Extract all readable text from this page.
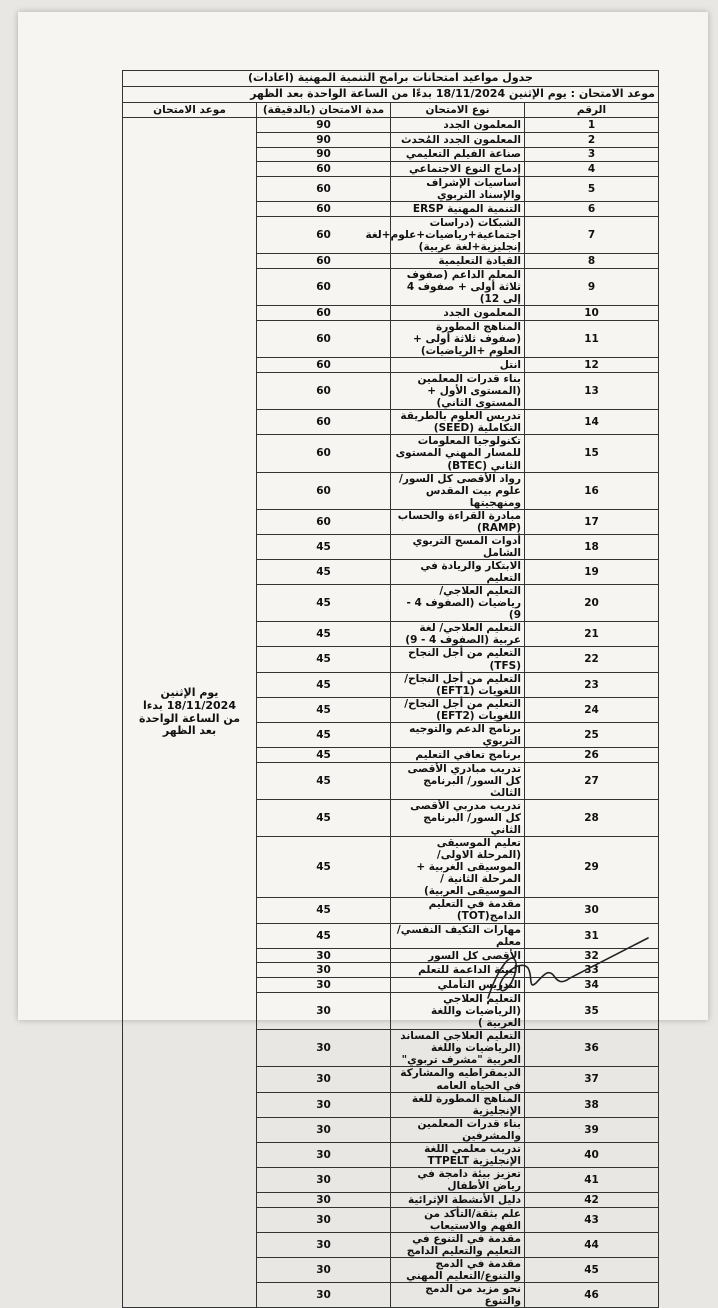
جدول مواعيد امتحانات برامج التنمية المهنية (اعادات)			
موعد الامتحان : يوم الإثنين 18/11/2024 بدءًا من الساعة الواحدة بعد الظهر			
الرقم	نوع الامتحان	مدة الامتحان (بالدقيقة)	موعد الامتحان
1	المعلمون الجدد	90	يوم الإثنين
18/11/2024 بدءا
من الساعة الواحدة
بعد الظهر
2	المعلمون الجدد المُحدث	90	
3	صناعة الفيلم التعليمي	90	
4	إدماج النوع الاجتماعي	60	
5	أساسيات الإشراف والإسناد التربوي	60	
6	التنمية المهنية ERSP	60	
7	الشبكات (دراسات اجتماعية+رياضيات+علوم+لغة إنجليزية+لغة عربية)	60	
8	القيادة التعليمية	60	
9	المعلم الداعم (صفوف ثلاثة أولى + صفوف 4 إلى 12)	60	
10	المعلمون الجدد	60	
11	المناهج المطورة (صفوف ثلاثة أولى + العلوم +الرياضيات)	60	
12	انتل	60	
13	بناء قدرات المعلمين (المستوى الأول + المستوى الثاني)	60	
14	تدريس العلوم بالطريقة التكاملية (SEED)	60	
15	تكنولوجيا المعلومات للمسار المهني المستوى الثاني (BTEC)	60	
16	رواد الأقصى كل السور/ علوم بيت المقدس ومنهجيتها	60	
17	مبادرة القراءة والحساب (RAMP)	60	
18	أدوات المسح التربوي الشامل	45	
19	الابتكار والريادة في التعليم	45	
20	التعليم العلاجي/ رياضيات (الصفوف 4 - 9)	45	
21	التعليم العلاجي/ لغة عربية (الصفوف 4 - 9)	45	
22	التعليم من أجل النجاح (TFS)	45	
23	التعليم من أجل النجاح/ اللغويات (EFT1)	45	
24	التعليم من أجل النجاح/ اللغويات (EFT2)	45	
25	برنامج الدعم والتوجيه التربوي	45	
26	برنامج تعافي التعليم	45	
27	تدريب مبادري الأقصى كل السور/ البرنامج الثالث	45	
28	تدريب مدربي الأقصى كل السور/ البرنامج الثاني	45	
29	تعليم الموسيقى
(المرحلة الاولى/الموسيقى الغربية + المرحلة الثانية /الموسيقى العربية)	45	
30	مقدمة في التعليم الدامج(TOT)	45	
31	مهارات التكيف النفسي/ معلم	45	
32	الأقصى كل السور	30	
33	البيئة الداعمة للتعلم	30	
34	التدريس التأملي	30	
35	التعليم العلاجي (الرياضيات واللغة العربية )	30	
36	التعليم العلاجي المساند (الرياضيات واللغة العربية "مشرف تربوي"	30	
37	الديمقراطيه والمشاركة في الحياه العامه	30	
38	المناهج المطورة للغة الإنجليزية	30	
39	بناء قدرات المعلمين والمشرفين	30	
40	تدريب معلمي اللغة الإنجليزية TTPELT	30	
41	تعزيز بيئة دامجة في رياض الأطفال	30	
42	دليل الأنشطة الإثرائية	30	
43	علم بثقة/التأكد من الفهم والاستيعاب	30	
44	مقدمة في التنوع في التعليم والتعليم الدامج	30	
45	مقدمة في الدمج والتنوع/التعليم المهني	30	
46	نحو مزيد من الدمج والتنوع	30	
